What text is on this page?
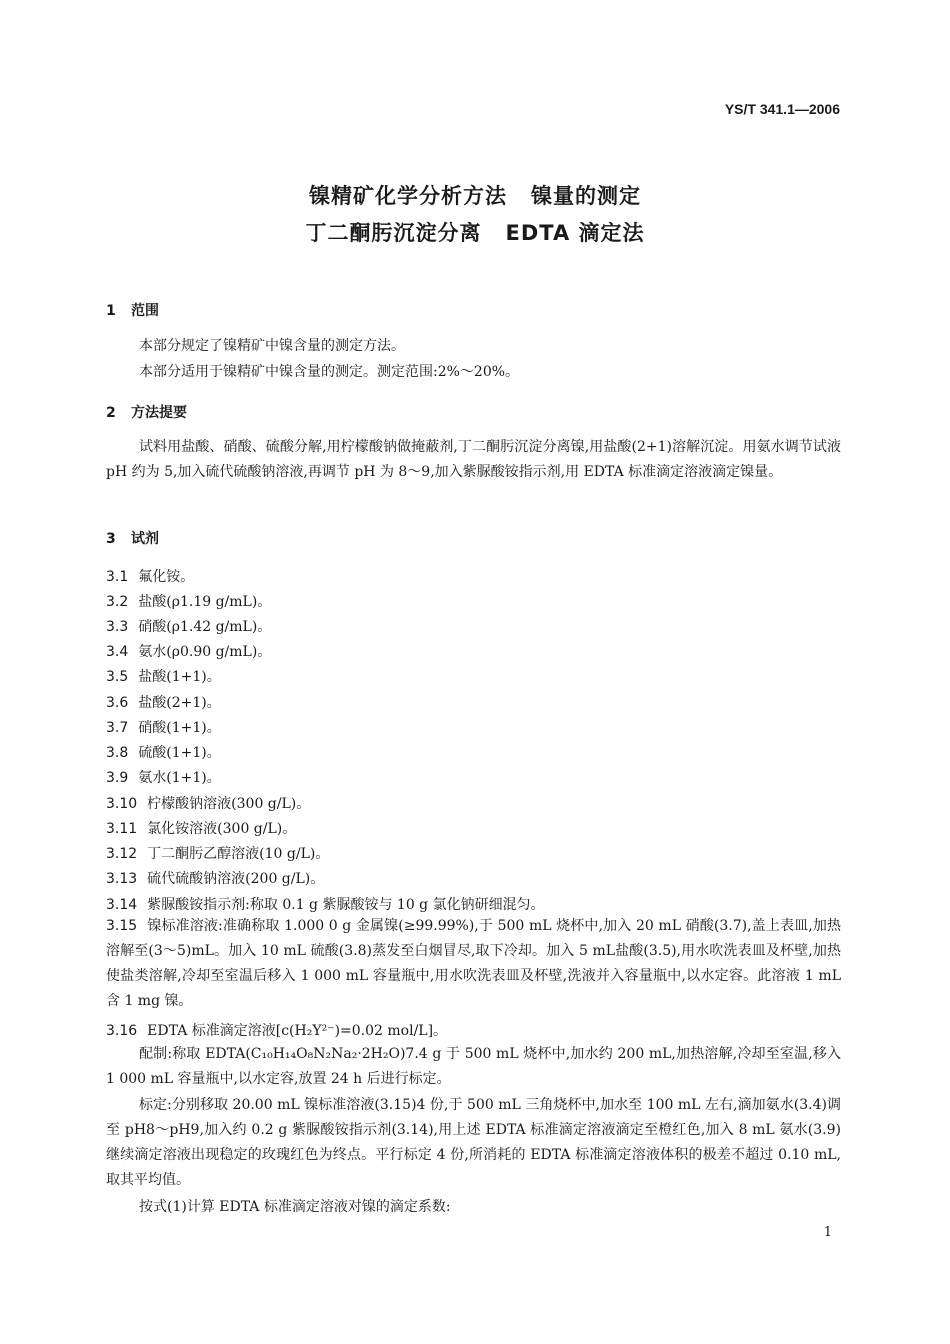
YS/T 341.1—2006
镍精矿化学分析方法 镍量的测定
丁二酮肟沉淀分离 EDTA 滴定法
1 范围
本部分规定了镍精矿中镍含量的测定方法。
本部分适用于镍精矿中镍含量的测定。测定范围:2%～20%。
2 方法提要
试料用盐酸、硝酸、硫酸分解,用柠檬酸钠做掩蔽剂,丁二酮肟沉淀分离镍,用盐酸(2+1)溶解沉淀。用氨水调节试液 pH 约为 5,加入硫代硫酸钠溶液,再调节 pH 为 8～9,加入紫脲酸铵指示剂,用 EDTA 标准滴定溶液滴定镍量。
3 试剂
3.1 氟化铵。
3.2 盐酸(ρ1.19 g/mL)。
3.3 硝酸(ρ1.42 g/mL)。
3.4 氨水(ρ0.90 g/mL)。
3.5 盐酸(1+1)。
3.6 盐酸(2+1)。
3.7 硝酸(1+1)。
3.8 硫酸(1+1)。
3.9 氨水(1+1)。
3.10 柠檬酸钠溶液(300 g/L)。
3.11 氯化铵溶液(300 g/L)。
3.12 丁二酮肟乙醇溶液(10 g/L)。
3.13 硫代硫酸钠溶液(200 g/L)。
3.14 紫脲酸铵指示剂:称取 0.1 g 紫脲酸铵与 10 g 氯化钠研细混匀。
3.15 镍标准溶液:准确称取 1.000 0 g 金属镍(≥99.99%),于 500 mL 烧杯中,加入 20 mL 硝酸(3.7),盖上表皿,加热溶解至(3～5)mL。加入 10 mL 硫酸(3.8)蒸发至白烟冒尽,取下冷却。加入 5 mL盐酸(3.5),用水吹洗表皿及杯壁,加热使盐类溶解,冷却至室温后移入 1 000 mL 容量瓶中,用水吹洗表皿及杯壁,洗液并入容量瓶中,以水定容。此溶液 1 mL 含 1 mg 镍。
3.16 EDTA 标准滴定溶液[c(H₂Y²⁻)=0.02 mol/L]。
配制:称取 EDTA(C₁₀H₁₄O₈N₂Na₂·2H₂O)7.4 g 于 500 mL 烧杯中,加水约 200 mL,加热溶解,冷却至室温,移入 1 000 mL 容量瓶中,以水定容,放置 24 h 后进行标定。
标定:分别移取 20.00 mL 镍标准溶液(3.15)4 份,于 500 mL 三角烧杯中,加水至 100 mL 左右,滴加氨水(3.4)调至 pH8～pH9,加入约 0.2 g 紫脲酸铵指示剂(3.14),用上述 EDTA 标准滴定溶液滴定至橙红色,加入 8 mL 氨水(3.9)继续滴定溶液出现稳定的玫瑰红色为终点。平行标定 4 份,所消耗的 EDTA 标准滴定溶液体积的极差不超过 0.10 mL,取其平均值。
按式(1)计算 EDTA 标准滴定溶液对镍的滴定系数:
1
